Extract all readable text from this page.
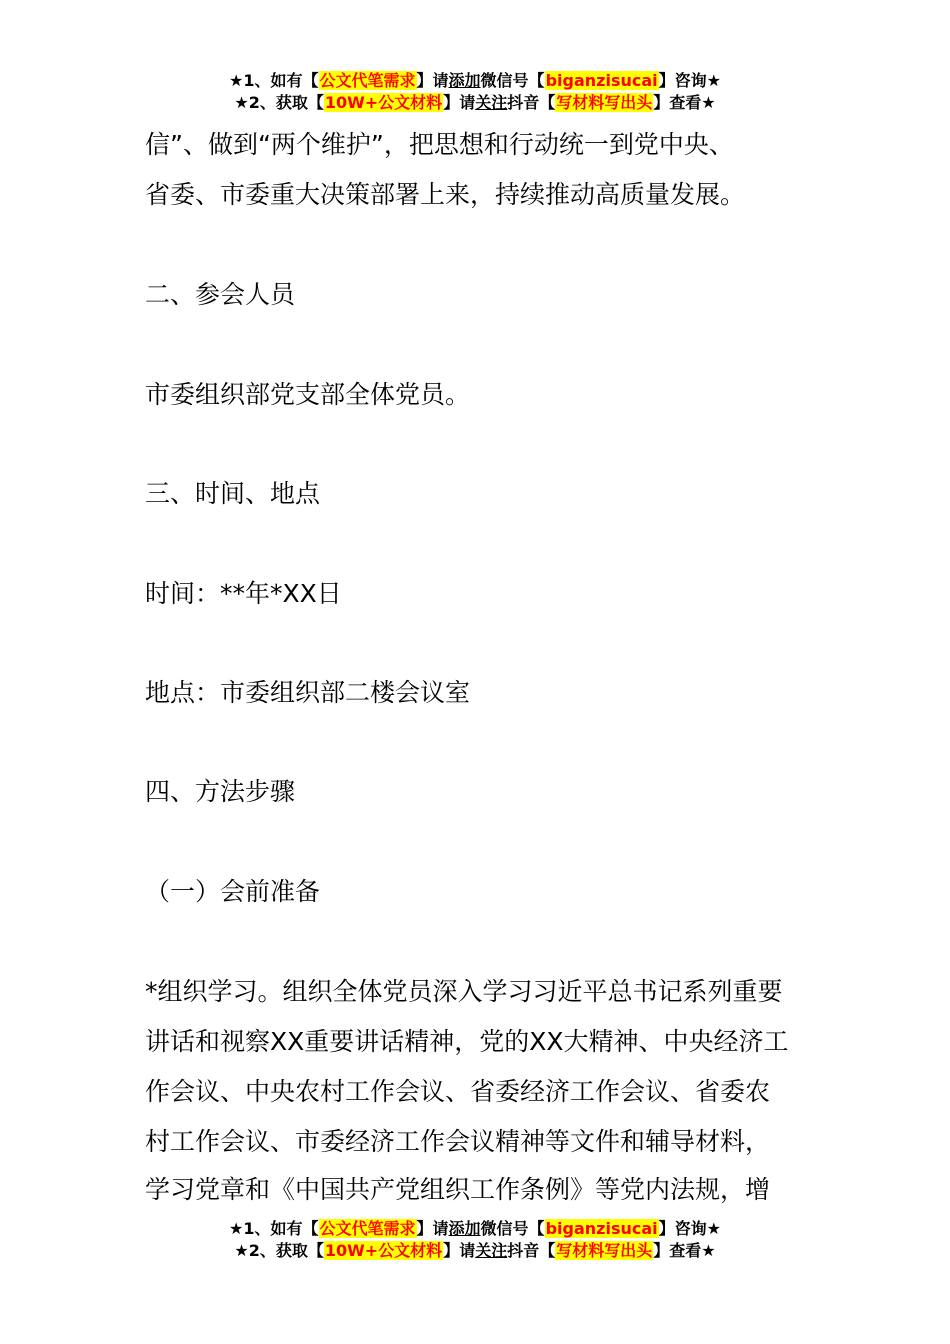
★1、如有【公文代笔需求】请添加微信号【biganzisucai】咨询★
★2、获取【10W+公文材料】请关注抖音【写材料写出头】查看★
信”、做到“两个维护”，把思想和行动统一到党中央、
省委、市委重大决策部署上来，持续推动高质量发展。
二、参会人员
市委组织部党支部全体党员。
三、时间、地点
时间：**年*XX日
地点：市委组织部二楼会议室
四、方法步骤
（一）会前准备
*组织学习。组织全体党员深入学习习近平总书记系列重要
讲话和视察XX重要讲话精神，党的XX大精神、中央经济工
作会议、中央农村工作会议、省委经济工作会议、省委农
村工作会议、市委经济工作会议精神等文件和辅导材料，
学习党章和《中国共产党组织工作条例》等党内法规，增
★1、如有【公文代笔需求】请添加微信号【biganzisucai】咨询★
★2、获取【10W+公文材料】请关注抖音【写材料写出头】查看★
